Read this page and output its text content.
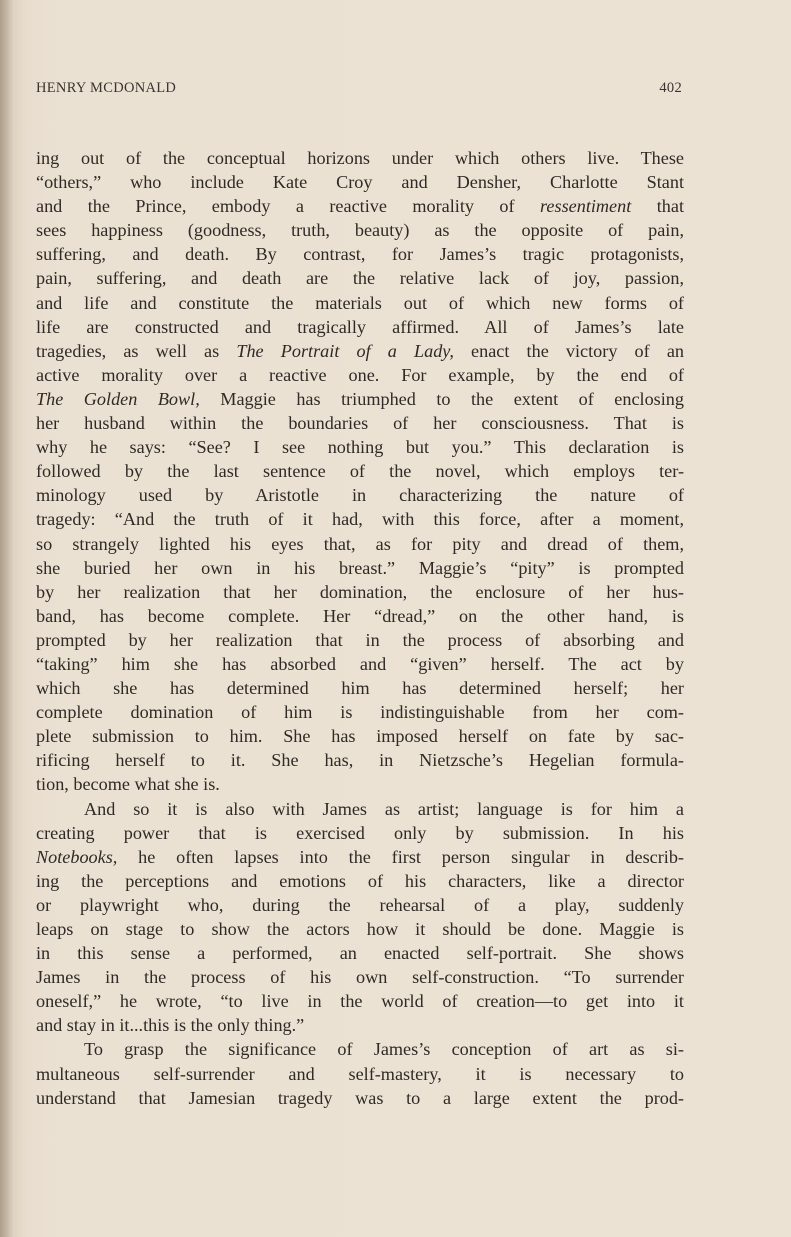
HENRY MCDONALD	402
ing out of the conceptual horizons under which others live. These
“others,” who include Kate Croy and Densher, Charlotte Stant
and the Prince, embody a reactive morality of ressentiment that
sees happiness (goodness, truth, beauty) as the opposite of pain,
suffering, and death. By contrast, for James’s tragic protagonists,
pain, suffering, and death are the relative lack of joy, passion,
and life and constitute the materials out of which new forms of
life are constructed and tragically affirmed. All of James’s late
tragedies, as well as The Portrait of a Lady, enact the victory of an
active morality over a reactive one. For example, by the end of
The Golden Bowl, Maggie has triumphed to the extent of enclosing
her husband within the boundaries of her consciousness. That is
why he says: “See? I see nothing but you.” This declaration is
followed by the last sentence of the novel, which employs ter-
minology used by Aristotle in characterizing the nature of
tragedy: “And the truth of it had, with this force, after a moment,
so strangely lighted his eyes that, as for pity and dread of them,
she buried her own in his breast.” Maggie’s “pity” is prompted
by her realization that her domination, the enclosure of her hus-
band, has become complete. Her “dread,” on the other hand, is
prompted by her realization that in the process of absorbing and
“taking” him she has absorbed and “given” herself. The act by
which she has determined him has determined herself; her
complete domination of him is indistinguishable from her com-
plete submission to him. She has imposed herself on fate by sac-
rificing herself to it. She has, in Nietzsche’s Hegelian formula-
tion, become what she is.
And so it is also with James as artist; language is for him a
creating power that is exercised only by submission. In his
Notebooks, he often lapses into the first person singular in describ-
ing the perceptions and emotions of his characters, like a director
or playwright who, during the rehearsal of a play, suddenly
leaps on stage to show the actors how it should be done. Maggie is
in this sense a performed, an enacted self-portrait. She shows
James in the process of his own self-construction. “To surrender
oneself,” he wrote, “to live in the world of creation—to get into it
and stay in it...this is the only thing.”
To grasp the significance of James’s conception of art as si-
multaneous self-surrender and self-mastery, it is necessary to
understand that Jamesian tragedy was to a large extent the prod-
